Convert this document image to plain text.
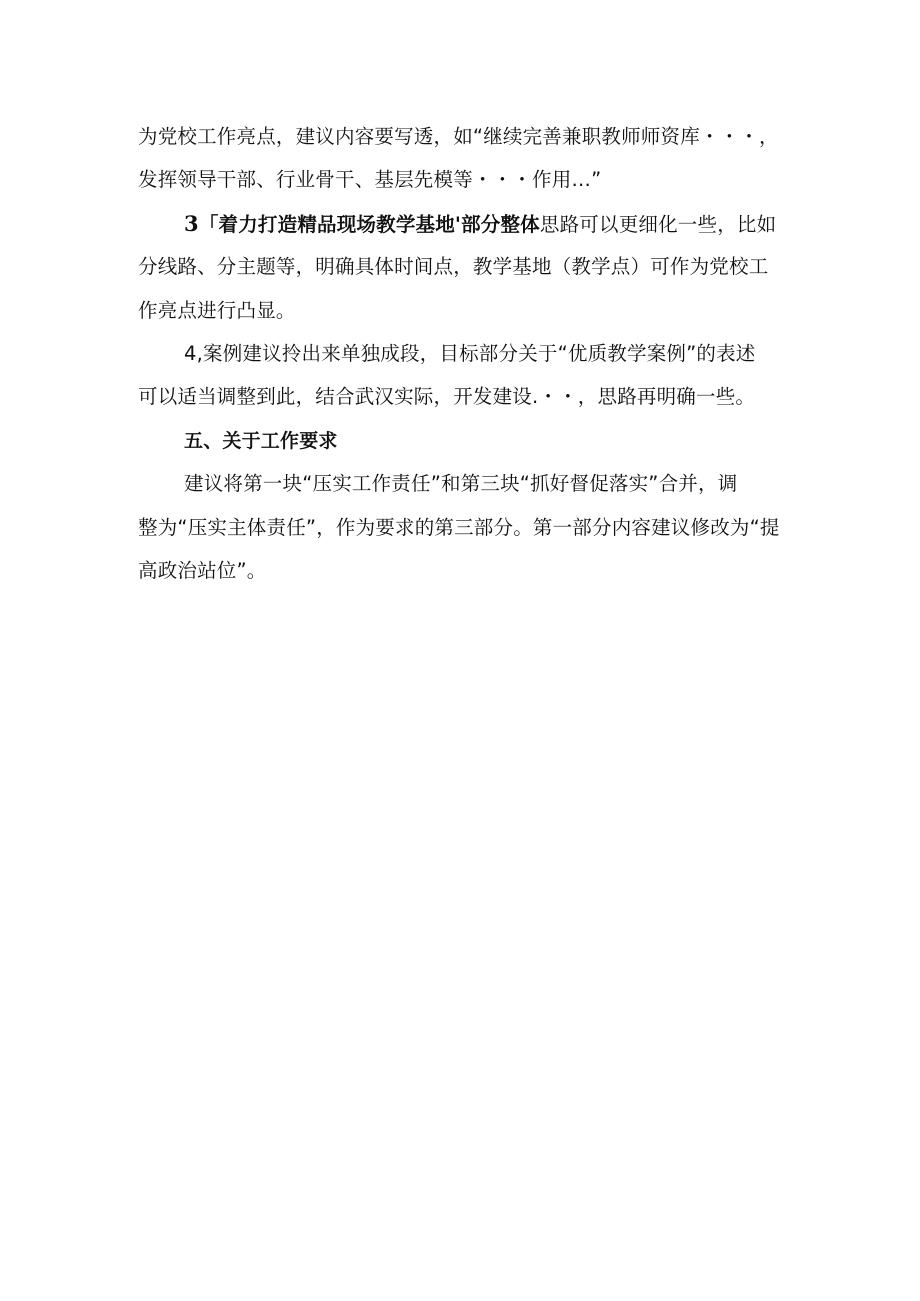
为党校工作亮点，建议内容要写透，如“继续完善兼职教师师资库・・・，
发挥领导干部、行业骨干、基层先模等・・・作用…”
3「着力打造精品现场教学基地'部分整体思路可以更细化一些，比如
分线路、分主题等，明确具体时间点，教学基地（教学点）可作为党校工
作亮点进行凸显。
4,案例建议拎出来单独成段，目标部分关于“优质教学案例”的表述
可以适当调整到此，结合武汉实际，开发建设.・・，思路再明确一些。
五、关于工作要求
建议将第一块“压实工作责任”和第三块“抓好督促落实”合并，调
整为“压实主体责任”，作为要求的第三部分。第一部分内容建议修改为“提
高政治站位”。
